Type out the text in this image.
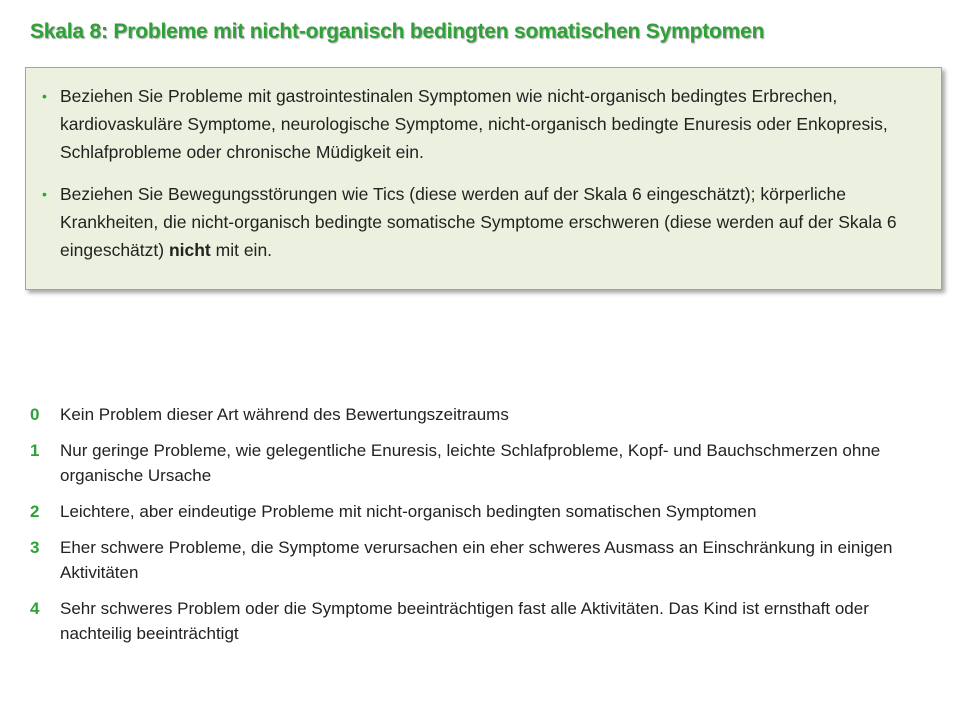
Skala 8: Probleme mit nicht-organisch bedingten somatischen Symptomen
• Beziehen Sie Probleme mit gastrointestinalen Symptomen wie nicht-organisch bedingtes Erbrechen, kardiovaskuläre Symptome, neurologische Symptome, nicht-organisch bedingte Enuresis oder Enkopresis, Schlafprobleme oder chronische Müdigkeit ein.
• Beziehen Sie Bewegungsstörungen wie Tics (diese werden auf der Skala 6 eingeschätzt); körperliche Krankheiten, die nicht-organisch bedingte somatische Symptome erschweren (diese werden auf der Skala 6 eingeschätzt) nicht mit ein.
0	Kein Problem dieser Art während des Bewertungszeitraums
1	Nur geringe Probleme, wie gelegentliche Enuresis, leichte Schlafprobleme, Kopf- und Bauchschmerzen ohne organische Ursache
2	Leichtere, aber eindeutige Probleme mit nicht-organisch bedingten somatischen Symptomen
3	Eher schwere Probleme, die Symptome verursachen ein eher schweres Ausmass an Einschränkung in einigen Aktivitäten
4	Sehr schweres Problem oder die Symptome beeinträchtigen fast alle Aktivitäten. Das Kind ist ernsthaft oder nachteilig beeinträchtigt
